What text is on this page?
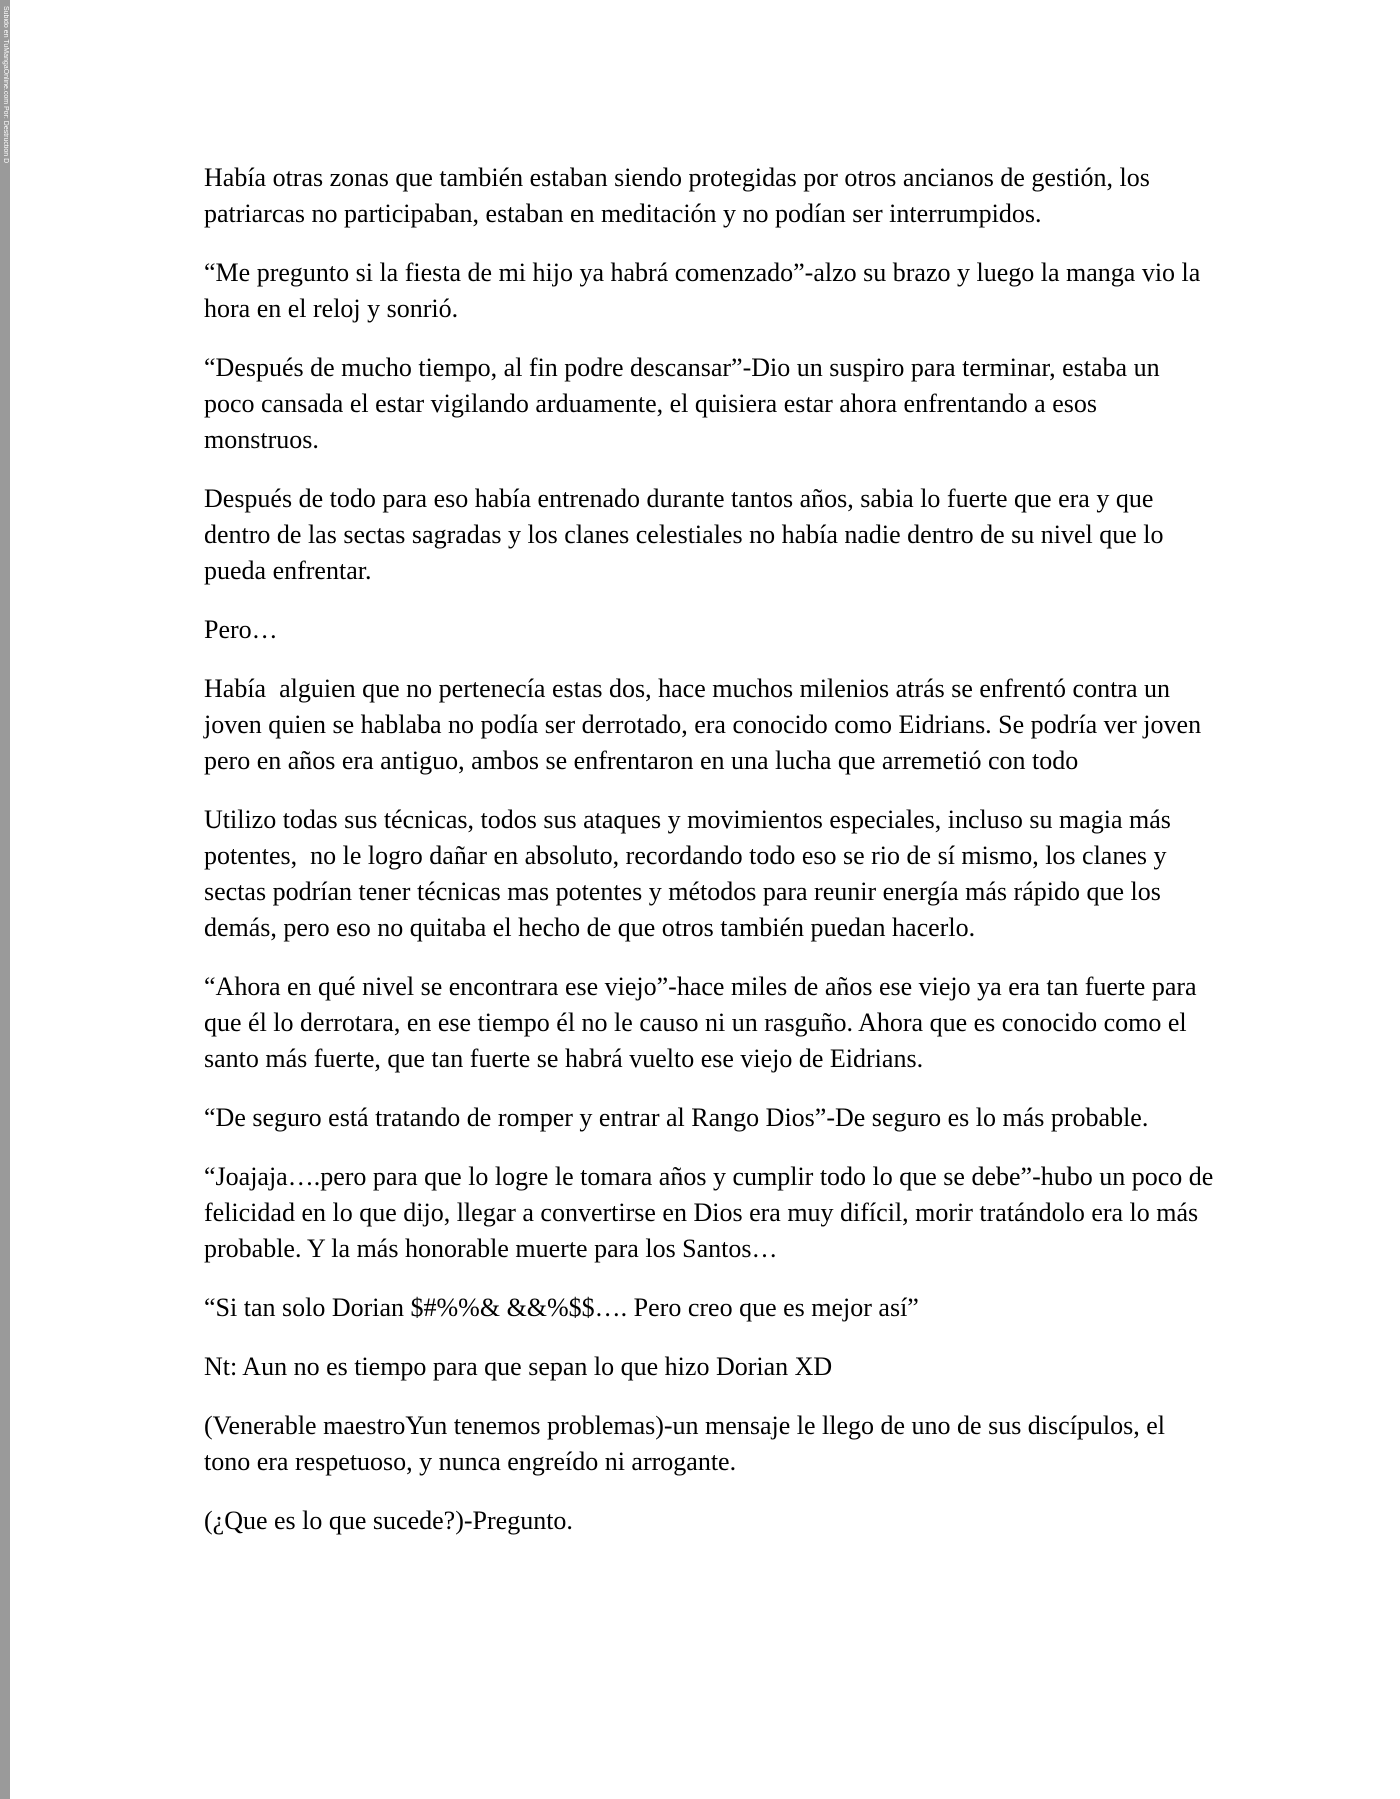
Subido en TuMangaOnline.com Por: Destruction D

Había otras zonas que también estaban siendo protegidas por otros ancianos de gestión, los patriarcas no participaban, estaban en meditación y no podían ser interrumpidos.

“Me pregunto si la fiesta de mi hijo ya habrá comenzado”-alzo su brazo y luego la manga vio la hora en el reloj y sonrió.

“Después de mucho tiempo, al fin podre descansar”-Dio un suspiro para terminar, estaba un poco cansada el estar vigilando arduamente, el quisiera estar ahora enfrentando a esos monstruos.

Después de todo para eso había entrenado durante tantos años, sabia lo fuerte que era y que dentro de las sectas sagradas y los clanes celestiales no había nadie dentro de su nivel que lo pueda enfrentar.

Pero…

Había  alguien que no pertenecía estas dos, hace muchos milenios atrás se enfrentó contra un joven quien se hablaba no podía ser derrotado, era conocido como Eidrians. Se podría ver joven pero en años era antiguo, ambos se enfrentaron en una lucha que arremetió con todo

Utilizo todas sus técnicas, todos sus ataques y movimientos especiales, incluso su magia más potentes,  no le logro dañar en absoluto, recordando todo eso se rio de sí mismo, los clanes y sectas podrían tener técnicas mas potentes y métodos para reunir energía más rápido que los demás, pero eso no quitaba el hecho de que otros también puedan hacerlo.

“Ahora en qué nivel se encontrara ese viejo”-hace miles de años ese viejo ya era tan fuerte para que él lo derrotara, en ese tiempo él no le causo ni un rasguño. Ahora que es conocido como el santo más fuerte, que tan fuerte se habrá vuelto ese viejo de Eidrians.

“De seguro está tratando de romper y entrar al Rango Dios”-De seguro es lo más probable.

“Joajaja….pero para que lo logre le tomara años y cumplir todo lo que se debe”-hubo un poco de felicidad en lo que dijo, llegar a convertirse en Dios era muy difícil, morir tratándolo era lo más probable. Y la más honorable muerte para los Santos…

“Si tan solo Dorian $#%%& &&%$$…. Pero creo que es mejor así”

Nt: Aun no es tiempo para que sepan lo que hizo Dorian XD

(Venerable maestroYun tenemos problemas)-un mensaje le llego de uno de sus discípulos, el tono era respetuoso, y nunca engreído ni arrogante.

(¿Que es lo que sucede?)-Pregunto.
